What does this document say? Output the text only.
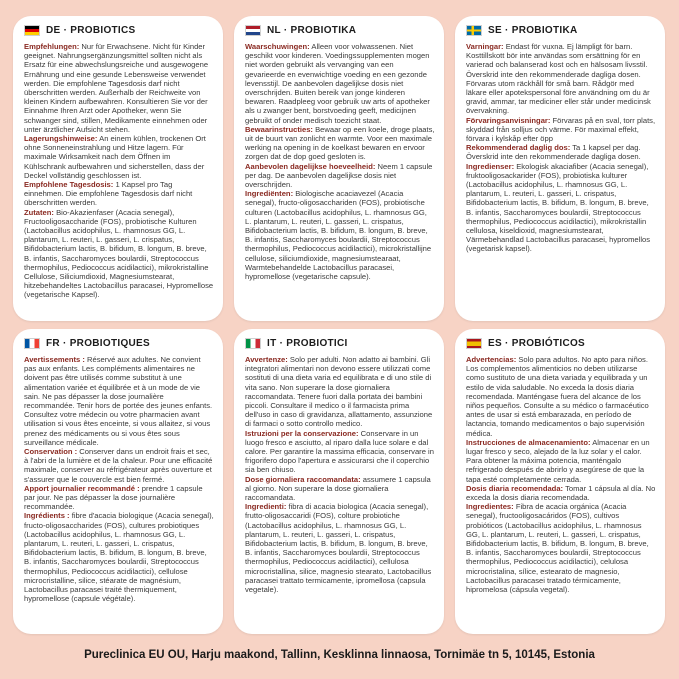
DE · PROBIOTICS

Empfehlungen: Nur für Erwachsene. Nicht für Kinder geeignet. Nahrungsergänzungsmittel sollten nicht als Ersatz für eine abwechslungsreiche und ausgewogene Ernährung und eine gesunde Lebensweise verwendet werden. Die empfohlene Tagesdosis darf nicht überschritten werden. Außerhalb der Reichweite von kleinen Kindern aufbewahren. Konsultieren Sie vor der Einnahme Ihren Arzt oder Apotheker, wenn Sie schwanger sind, stillen, Medikamente einnehmen oder unter ärztlicher Aufsicht stehen.

Lagerungshinweise: An einem kühlen, trockenen Ort ohne Sonneneinstrahlung und Hitze lagern. Für maximale Wirksamkeit nach dem Öffnen im Kühlschrank aufbewahren und sicherstellen, dass der Deckel vollständig geschlossen ist.

Empfohlene Tagesdosis: 1 Kapsel pro Tag einnehmen. Die empfohlene Tagesdosis darf nicht überschritten werden.

Zutaten: Bio-Akazienfaser (Acacia senegal), Fructooligosaccharide (FOS), probiotische Kulturen (Lactobacillus acidophilus, L. rhamnosus GG, L. plantarum, L. reuteri, L. gasseri, L. crispatus, Bifidobacterium lactis, B. bifidum, B. longum, B. breve, B. infantis, Saccharomyces boulardii, Streptococcus thermophilus, Pediococcus acidilactici), mikrokristalline Cellulose, Siliciumdioxid, Magnesiumstearat, hitzebehandeltes Lactobacillus paracasei, Hypromellose (vegetarische Kapsel).

NL · PROBIOTIKA

Waarschuwingen: Alleen voor volwassenen. Niet geschikt voor kinderen. Voedingssupplementen mogen niet worden gebruikt als vervanging van een gevarieerde en evenwichtige voeding en een gezonde levensstijl. De aanbevolen dagelijkse dosis niet overschrijden. Buiten bereik van jonge kinderen bewaren. Raadpleeg voor gebruik uw arts of apotheker als u zwanger bent, borstvoeding geeft, medicijnen gebruikt of onder medisch toezicht staat.

Bewaarinstructies: Bewaar op een koele, droge plaats, uit de buurt van zonlicht en warmte. Voor een maximale werking na opening in de koelkast bewaren en ervoor zorgen dat de dop goed gesloten is.

Aanbevolen dagelijkse hoeveelheid: Neem 1 capsule per dag. De aanbevolen dagelijkse dosis niet overschrijden.

Ingrediënten: Biologische acaciavezel (Acacia senegal), fructo-oligosacchariden (FOS), probiotische culturen (Lactobacillus acidophilus, L. rhamnosus GG, L. plantarum, L. reuteri, L. gasseri, L. crispatus, Bifidobacterium lactis, B. bifidum, B. longum, B. breve, B. infantis, Saccharomyces boulardii, Streptococcus thermophilus, Pediococcus acidilactici), microkristallijne cellulose, siliciumdioxide, magnesiumstearaat, Warmtebehandelde Lactobacillus paracasei, hypromellose (vegetarische capsule).

SE · PROBIOTIKA

Varningar: Endast för vuxna. Ej lämpligt för barn. Kosttillskott bör inte användas som ersättning för en varierad och balanserad kost och en hälsosam livsstil. Överskrid inte den rekommenderade dagliga dosen. Förvaras utom räckhåll för små barn. Rådgör med läkare eller apotekspersonal före användning om du är gravid, ammar, tar mediciner eller står under medicinsk övervakning.

Förvaringsanvisningar: Förvaras på en sval, torr plats, skyddad från solljus och värme. För maximal effekt, förvara i kylskåp efter öpp

Rekommenderad daglig dos: Ta 1 kapsel per dag. Överskrid inte den rekommenderade dagliga dosen.

Ingredienser: Ekologisk akaciafiber (Acacia senegal), fruktooligosackarider (FOS), probiotiska kulturer (Lactobacillus acidophilus, L. rhamnosus GG, L. plantarum, L. reuteri, L. gasseri, L. crispatus, Bifidobacterium lactis, B. bifidum, B. longum, B. breve, B. infantis, Saccharomyces boulardii, Streptococcus thermophilus, Pediococcus acidilactici), mikrokristallin cellulosa, kiseldioxid, magnesiumstearat, Värmebehandlad Lactobacillus paracasei, hypromellos (vegetarisk kapsel).

FR · PROBIOTIQUES

Avertissements : Réservé aux adultes. Ne convient pas aux enfants. Les compléments alimentaires ne doivent pas être utilisés comme substitut à une alimentation variée et équilibrée et à un mode de vie sain. Ne pas dépasser la dose journalière recommandée. Tenir hors de portée des jeunes enfants. Consultez votre médecin ou votre pharmacien avant utilisation si vous êtes enceinte, si vous allaitez, si vous prenez des médicaments ou si vous êtes sous surveillance médicale.

Conservation : Conserver dans un endroit frais et sec, à l'abri de la lumière et de la chaleur. Pour une efficacité maximale, conserver au réfrigérateur après ouverture et s'assurer que le couvercle est bien fermé.

Apport journalier recommandé : prendre 1 capsule par jour. Ne pas dépasser la dose journalière recommandée.

Ingrédients : fibre d'acacia biologique (Acacia senegal), fructo-oligosaccharides (FOS), cultures probiotiques (Lactobacillus acidophilus, L. rhamnosus GG, L. plantarum, L. reuteri, L. gasseri, L. crispatus, Bifidobacterium lactis, B. bifidum, B. longum, B. breve, B. infantis, Saccharomyces boulardii, Streptococcus thermophilus, Pediococcus acidilactici), cellulose microcristalline, silice, stéarate de magnésium, Lactobacillus paracasei traité thermiquement, hypromellose (capsule végétale).

IT · PROBIOTICI

Avvertenze: Solo per adulti. Non adatto ai bambini. Gli integratori alimentari non devono essere utilizzati come sostituti di una dieta varia ed equilibrata e di uno stile di vita sano. Non superare la dose giornaliera raccomandata. Tenere fuori dalla portata dei bambini piccoli. Consultare il medico o il farmacista prima dell'uso in caso di gravidanza, allattamento, assunzione di farmaci o sotto controllo medico.

Istruzioni per la conservazione: Conservare in un luogo fresco e asciutto, al riparo dalla luce solare e dal calore. Per garantire la massima efficacia, conservare in frigorifero dopo l'apertura e assicurarsi che il coperchio sia ben chiuso.

Dose giornaliera raccomandata: assumere 1 capsula al giorno. Non superare la dose giornaliera raccomandata.

Ingredienti: fibra di acacia biologica (Acacia senegal), frutto-oligosaccaridi (FOS), colture probiotiche (Lactobacillus acidophilus, L. rhamnosus GG, L. plantarum, L. reuteri, L. gasseri, L. crispatus, Bifidobacterium lactis, B. bifidum, B. longum, B. breve, B. infantis, Saccharomyces boulardii, Streptococcus thermophilus, Pediococcus acidilactici), cellulosa microcristallina, silice, magnesio stearato, Lactobacillus paracasei trattato termicamente, ipromellosa (capsula vegetale).

ES · PROBIÓTICOS

Advertencias: Solo para adultos. No apto para niños. Los complementos alimenticios no deben utilizarse como sustituto de una dieta variada y equilibrada y un estilo de vida saludable. No exceda la dosis diaria recomendada. Manténgase fuera del alcance de los niños pequeños. Consulte a su médico o farmacéutico antes de usar si está embarazada, en período de lactancia, tomando medicamentos o bajo supervisión médica.

Instrucciones de almacenamiento: Almacenar en un lugar fresco y seco, alejado de la luz solar y el calor. Para obtener la máxima potencia, manténgalo refrigerado después de abrirlo y asegúrese de que la tapa esté completamente cerrada.

Dosis diaria recomendada: Tomar 1 cápsula al día. No exceda la dosis diaria recomendada.

Ingredientes: Fibra de acacia orgánica (Acacia senegal), fructooligosacáridos (FOS), cultivos probióticos (Lactobacillus acidophilus, L. rhamnosus GG, L. plantarum, L. reuteri, L. gasseri, L. crispatus, Bifidobacterium lactis, B. bifidum, B. longum, B. breve, B. infantis, Saccharomyces boulardii, Streptococcus thermophilus, Pediococcus acidilactici), celulosa microcristalina, sílice, estearato de magnesio, Lactobacillus paracasei tratado térmicamente, hipromelosa (cápsula vegetal).

Pureclinica EU OU, Harju maakond, Tallinn, Kesklinna linnaosa, Tornimäe tn 5, 10145, Estonia
